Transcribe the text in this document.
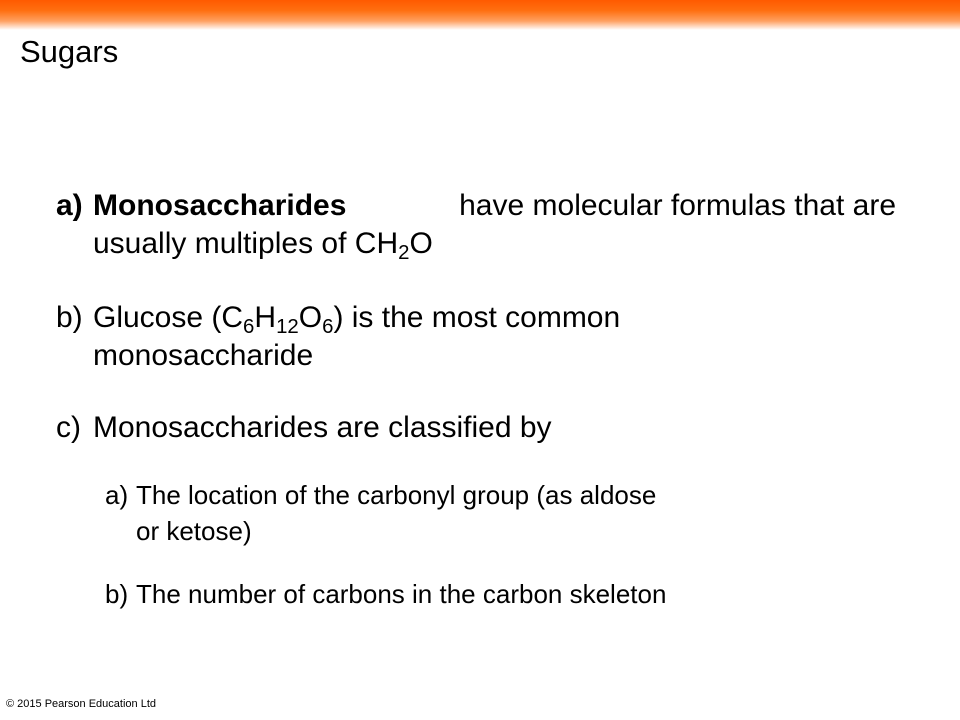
Sugars
a) Monosaccharides	have molecular formulas that are
usually multiples of $CH_2O$
b) Glucose $(C_6H_{12}O_6)$ is the most common
monosaccharide
c) Monosaccharides are classified by
a) The location of the carbonyl group (as aldose
or ketose)
b) The number of carbons in the carbon skeleton
© 2015 Pearson Education Ltd
